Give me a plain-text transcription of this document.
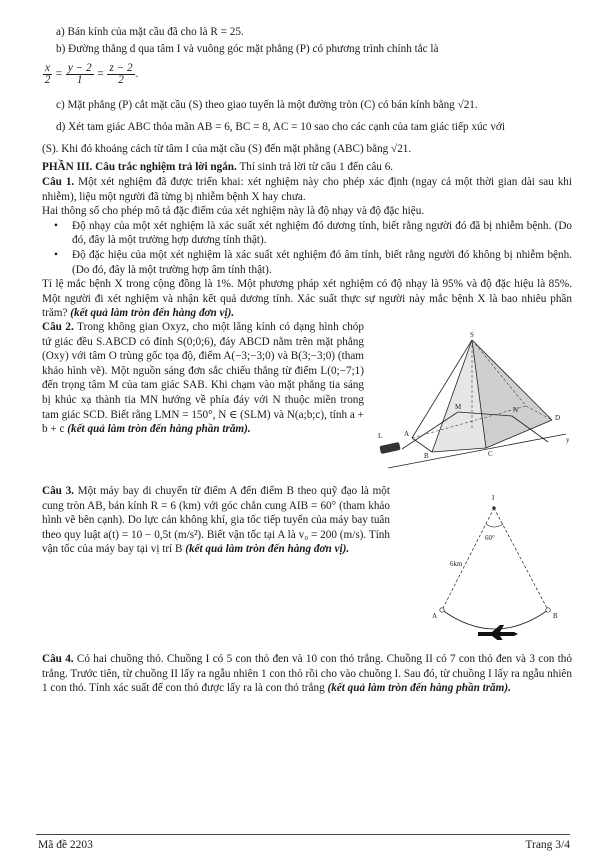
a) Bán kính của mặt cầu đã cho là R = 25.
b) Đường thẳng d qua tâm I và vuông góc mặt phẳng (P) có phương trình chính tắc là
$\frac{x}{2} = \frac{y - 2}{1} = \frac{z - 2}{2}$ .
c) Mặt phẳng (P) cắt mặt cầu (S) theo giao tuyến là một đường tròn (C) có bán kính bằng √21.
d) Xét tam giác ABC thỏa mãn AB = 6, BC = 8, AC = 10 sao cho các cạnh của tam giác tiếp xúc với
(S). Khi đó khoảng cách từ tâm I của mặt cầu (S) đến mặt phẳng (ABC) bằng √21.
PHẦN III. Câu trắc nghiệm trả lời ngắn. Thí sinh trả lời từ câu 1 đến câu 6.
Câu 1. Một xét nghiệm đã được triển khai: xét nghiệm này cho phép xác định (ngay cả một thời gian dài sau khi nhiễm), liệu một người đã từng bị nhiễm bệnh X hay chưa.
Hai thông số cho phép mô tả đặc điểm của xét nghiệm này là độ nhạy và độ đặc hiệu.
• Độ nhạy của một xét nghiệm là xác suất xét nghiệm đó dương tính, biết rằng người đó đã bị nhiễm bệnh. (Do đó, đây là một trường hợp dương tính thật).
• Độ đặc hiệu của một xét nghiệm là xác suất xét nghiệm đó âm tính, biết rằng người đó không bị nhiễm bệnh. (Do đó, đây là một trường hợp âm tính thật).
Tỉ lệ mắc bệnh X trong cộng đồng là 1%. Một phương pháp xét nghiệm có độ nhạy là 95% và độ đặc hiệu là 85%. Một người đi xét nghiệm và nhận kết quả dương tính. Xác suất thực sự người này mắc bệnh X là bao nhiêu phần trăm? (kết quả làm tròn đến hàng đơn vị).
Câu 2. Trong không gian Oxyz, cho một lăng kính có dạng hình chóp tứ giác đều S.ABCD có đỉnh S(0;0;6), đáy ABCD nằm trên mặt phẳng (Oxy) với tâm O trùng gốc tọa độ, điểm A(−3;−3;0) và B(3;−3;0) (tham khảo hình vẽ). Một nguồn sáng đơn sắc chiếu thẳng từ điểm L(0;−7;1) đến trọng tâm M của tam giác SAB. Khi chạm vào mặt phẳng tia sáng bị khúc xạ thành tia MN hướng về phía đáy với N thuộc miền trong tam giác SCD. Biết rằng LMN = 150°, N ∈ (SLM) và N(a;b;c), tính a + b + c (kết quả làm tròn đến hàng phần trăm).
S
M	N
D
C
B
A
L	y
Câu 3. Một máy bay di chuyển từ điểm A đến điểm B theo quỹ đạo là một cung tròn AB, bán kính R = 6 (km) với góc chắn cung AIB = 60° (tham khảo hình vẽ bên cạnh). Do lực cản không khí, gia tốc tiếp tuyến của máy bay tuân theo quy luật a(t) = 10 − 0,5t (m/s²). Biết vận tốc tại A là v₀ = 200 (m/s). Tính vận tốc của máy bay tại vị trí B (kết quả làm tròn đến hàng đơn vị).
I
60°
6km
A	B
Câu 4. Có hai chuồng thỏ. Chuồng I có 5 con thỏ đen và 10 con thỏ trắng. Chuồng II có 7 con thỏ đen và 3 con thỏ trắng. Trước tiên, từ chuồng II lấy ra ngẫu nhiên 1 con thỏ rồi cho vào chuồng I. Sau đó, từ chuồng I lấy ra ngẫu nhiên 1 con thỏ. Tính xác suất để con thỏ được lấy ra là con thỏ trắng (kết quả làm tròn đến hàng phần trăm).
Mã đề 2203	Trang 3/4
